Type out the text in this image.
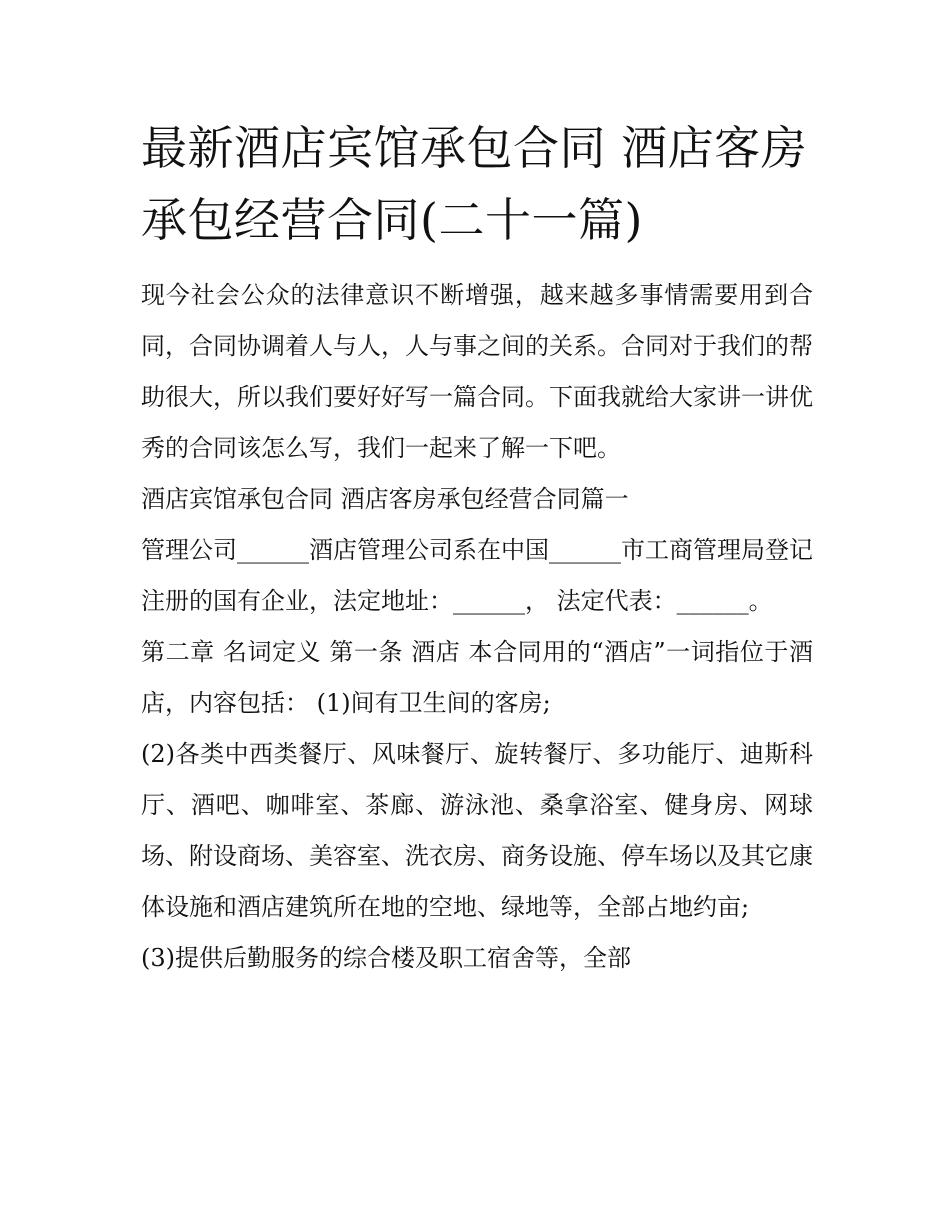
最新酒店宾馆承包合同 酒店客房承包经营合同(二十一篇)

现今社会公众的法律意识不断增强，越来越多事情需要用到合同，合同协调着人与人，人与事之间的关系。合同对于我们的帮助很大，所以我们要好好写一篇合同。下面我就给大家讲一讲优秀的合同该怎么写，我们一起来了解一下吧。

酒店宾馆承包合同 酒店客房承包经营合同篇一

管理公司______酒店管理公司系在中国______市工商管理局登记注册的国有企业，法定地址：______， 法定代表：______。

第二章 名词定义 第一条 酒店 本合同用的“酒店”一词指位于酒店，内容包括： (1)间有卫生间的客房;

(2)各类中西类餐厅、风味餐厅、旋转餐厅、多功能厅、迪斯科厅、酒吧、咖啡室、茶廊、游泳池、桑拿浴室、健身房、网球场、附设商场、美容室、洗衣房、商务设施、停车场以及其它康体设施和酒店建筑所在地的空地、绿地等，全部占地约亩;

(3)提供后勤服务的综合楼及职工宿舍等，全部
